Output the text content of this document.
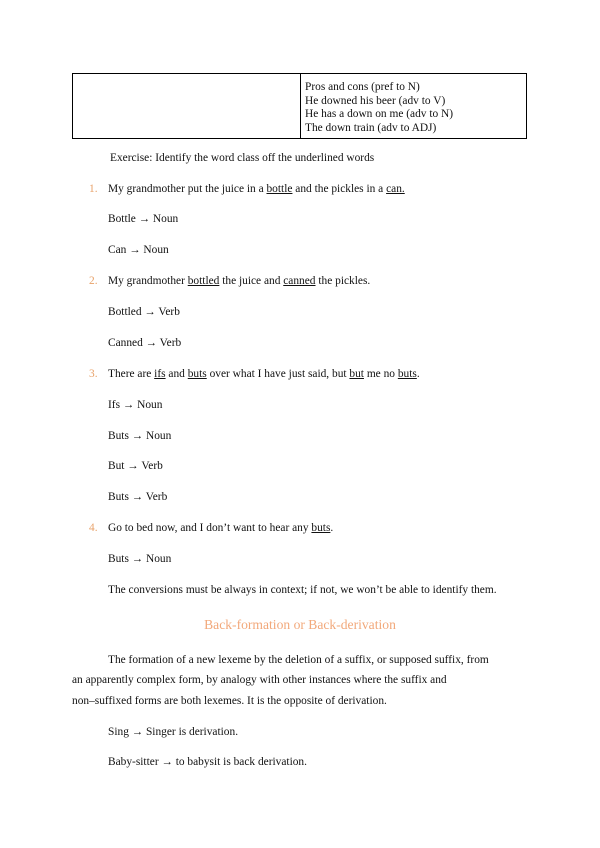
Pros and cons (pref to N)
He downed his beer (adv to V)
He has a down on me (adv to N)
The down train (adv to ADJ)
Exercise: Identify the word class off the underlined words
1. My grandmother put the juice in a bottle and the pickles in a can.
Bottle → Noun
Can → Noun
2. My grandmother bottled the juice and canned the pickles.
Bottled → Verb
Canned → Verb
3. There are ifs and buts over what I have just said, but but me no buts.
Ifs → Noun
Buts → Noun
But → Verb
Buts → Verb
4. Go to bed now, and I don’t want to hear any buts.
Buts → Noun
The conversions must be always in context; if not, we won’t be able to identify them.
Back-formation or Back-derivation
The formation of a new lexeme by the deletion of a suffix, or supposed suffix, from
an apparently complex form, by analogy with other instances where the suffix and
non–suffixed forms are both lexemes. It is the opposite of derivation.
Sing → Singer is derivation.
Baby-sitter → to babysit is back derivation.
